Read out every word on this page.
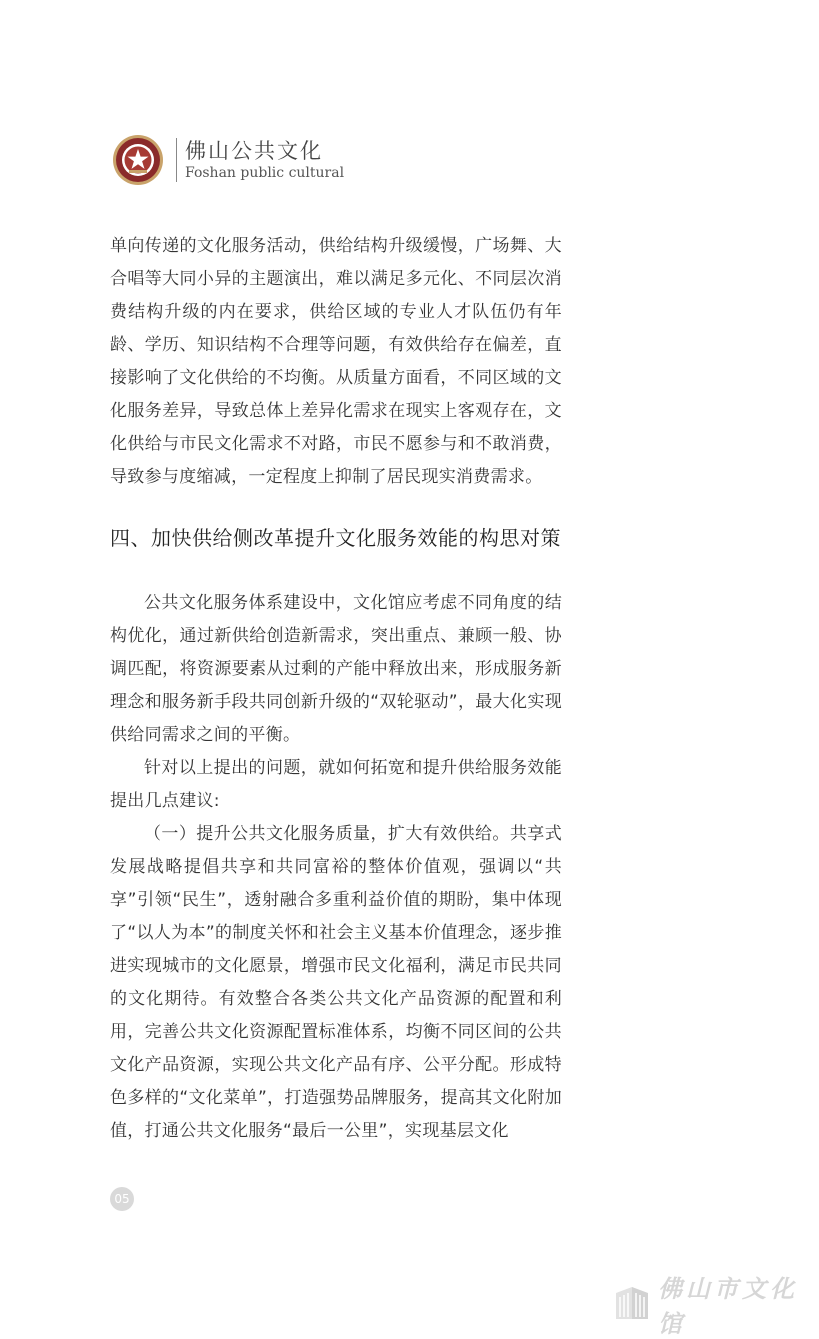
佛山公共文化
Foshan public cultural

单向传递的文化服务活动，供给结构升级缓慢，广场舞、大合唱等大同小异的主题演出，难以满足多元化、不同层次消费结构升级的内在要求，供给区域的专业人才队伍仍有年龄、学历、知识结构不合理等问题，有效供给存在偏差，直接影响了文化供给的不均衡。从质量方面看，不同区域的文化服务差异，导致总体上差异化需求在现实上客观存在，文化供给与市民文化需求不对路，市民不愿参与和不敢消费，导致参与度缩减，一定程度上抑制了居民现实消费需求。

四、加快供给侧改革提升文化服务效能的构思对策

公共文化服务体系建设中，文化馆应考虑不同角度的结构优化，通过新供给创造新需求，突出重点、兼顾一般、协调匹配，将资源要素从过剩的产能中释放出来，形成服务新理念和服务新手段共同创新升级的“双轮驱动”，最大化实现供给同需求之间的平衡。

针对以上提出的问题，就如何拓宽和提升供给服务效能提出几点建议:

（一）提升公共文化服务质量，扩大有效供给。共享式发展战略提倡共享和共同富裕的整体价值观，强调以“共享”引领“民生”，透射融合多重利益价值的期盼，集中体现了“以人为本”的制度关怀和社会主义基本价值理念，逐步推进实现城市的文化愿景，增强市民文化福利，满足市民共同的文化期待。有效整合各类公共文化产品资源的配置和利用，完善公共文化资源配置标准体系，均衡不同区间的公共文化产品资源，实现公共文化产品有序、公平分配。形成特色多样的“文化菜单”，打造强势品牌服务，提高其文化附加值，打通公共文化服务“最后一公里”，实现基层文化

05
佛山市文化馆
